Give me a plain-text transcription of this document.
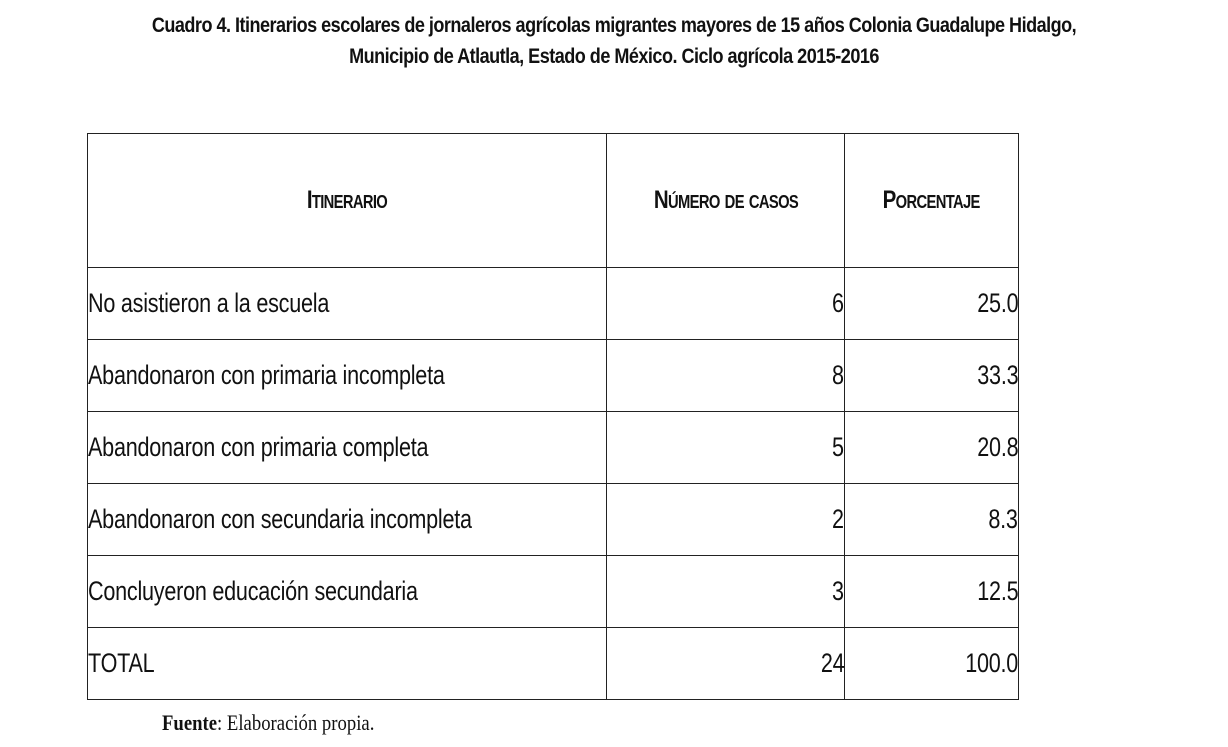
Cuadro 4. Itinerarios escolares de jornaleros agrícolas migrantes mayores de 15 años Colonia Guadalupe Hidalgo,
Municipio de Atlautla, Estado de México. Ciclo agrícola 2015-2016
Itinerario	Número de casos	Porcentaje
No asistieron a la escuela	6	25.0
Abandonaron con primaria incompleta	8	33.3
Abandonaron con primaria completa	5	20.8
Abandonaron con secundaria incompleta	2	8.3
Concluyeron educación secundaria	3	12.5
TOTAL	24	100.0
Fuente: Elaboración propia.
